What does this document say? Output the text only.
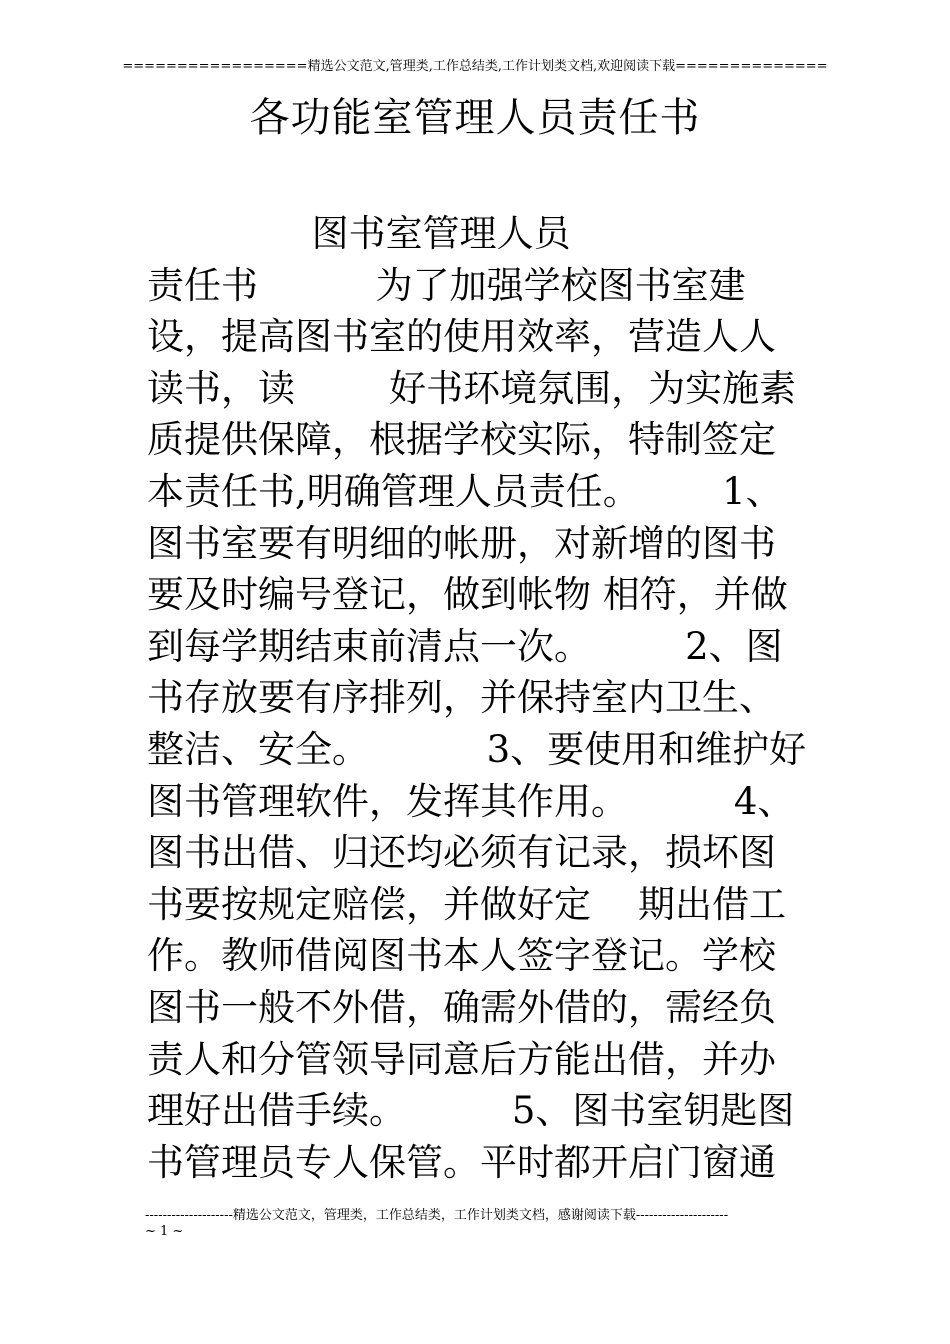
=================精选公文范文,管理类,工作总结类,工作计划类文档,欢迎阅读下载==============
各功能室管理人员责任书
图书室管理人员
责任书          为了加强学校图书室建
设，提高图书室的使用效率，营造人人
读书，读        好书环境氛围，为实施素
质提供保障，根据学校实际，特制签定
本责任书,明确管理人员责任。       1、
图书室要有明细的帐册，对新增的图书
要及时编号登记，做到帐物 相符，并做
到每学期结束前清点一次。        2、图
书存放要有序排列，并保持室内卫生、
整洁、安全。          3、要使用和维护好
图书管理软件，发挥其作用。         4、
图书出借、归还均必须有记录，损坏图
书要按规定赔偿，并做好定    期出借工
作。教师借阅图书本人签字登记。学校
图书一般不外借，确需外借的，需经负
责人和分管领导同意后方能出借，并办
理好出借手续。         5、图书室钥匙图
书管理员专人保管。平时都开启门窗通
--------------------精选公文范文，管理类，工作总结类，工作计划类文档，感谢阅读下载---------------------
~ 1 ~
